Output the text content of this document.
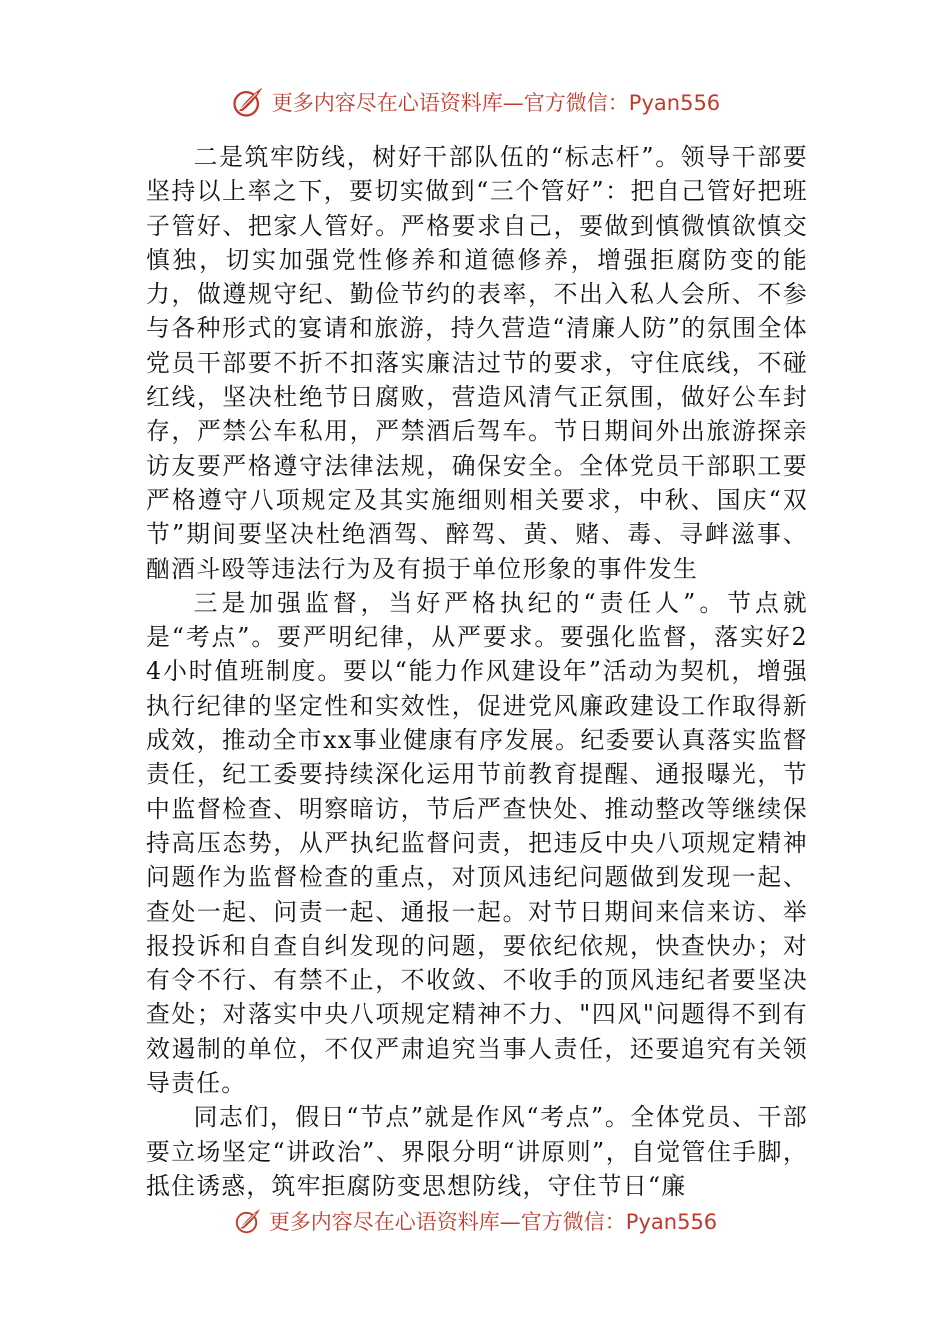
更多内容尽在心语资料库—官方微信：Pyan556

二是筑牢防线，树好干部队伍的“标志杆”。领导干部要坚持以上率之下，要切实做到“三个管好”：把自己管好把班子管好、把家人管好。严格要求自己，要做到慎微慎欲慎交慎独，切实加强党性修养和道德修养，增强拒腐防变的能力，做遵规守纪、勤俭节约的表率，不出入私人会所、不参与各种形式的宴请和旅游，持久营造“清廉人防”的氛围全体党员干部要不折不扣落实廉洁过节的要求，守住底线，不碰红线，坚决杜绝节日腐败，营造风清气正氛围，做好公车封存，严禁公车私用，严禁酒后驾车。节日期间外出旅游探亲访友要严格遵守法律法规，确保安全。全体党员干部职工要严格遵守八项规定及其实施细则相关要求，中秋、国庆“双节”期间要坚决杜绝酒驾、醉驾、黄、赌、毒、寻衅滋事、酗酒斗殴等违法行为及有损于单位形象的事件发生

三是加强监督，当好严格执纪的“责任人”。节点就是“考点”。要严明纪律，从严要求。要强化监督，落实好24小时值班制度。要以“能力作风建设年”活动为契机，增强执行纪律的坚定性和实效性，促进党风廉政建设工作取得新成效，推动全市xx事业健康有序发展。纪委要认真落实监督责任，纪工委要持续深化运用节前教育提醒、通报曝光，节中监督检查、明察暗访，节后严查快处、推动整改等继续保持高压态势，从严执纪监督问责，把违反中央八项规定精神问题作为监督检查的重点，对顶风违纪问题做到发现一起、查处一起、问责一起、通报一起。对节日期间来信来访、举报投诉和自查自纠发现的问题，要依纪依规，快查快办；对有令不行、有禁不止，不收敛、不收手的顶风违纪者要坚决查处；对落实中央八项规定精神不力、"四风"问题得不到有效遏制的单位，不仅严肃追究当事人责任，还要追究有关领导责任。

同志们，假日“节点”就是作风“考点”。全体党员、干部要立场坚定“讲政治”、界限分明“讲原则”，自觉管住手脚，抵住诱惑，筑牢拒腐防变思想防线，守住节日“廉

更多内容尽在心语资料库—官方微信：Pyan556
